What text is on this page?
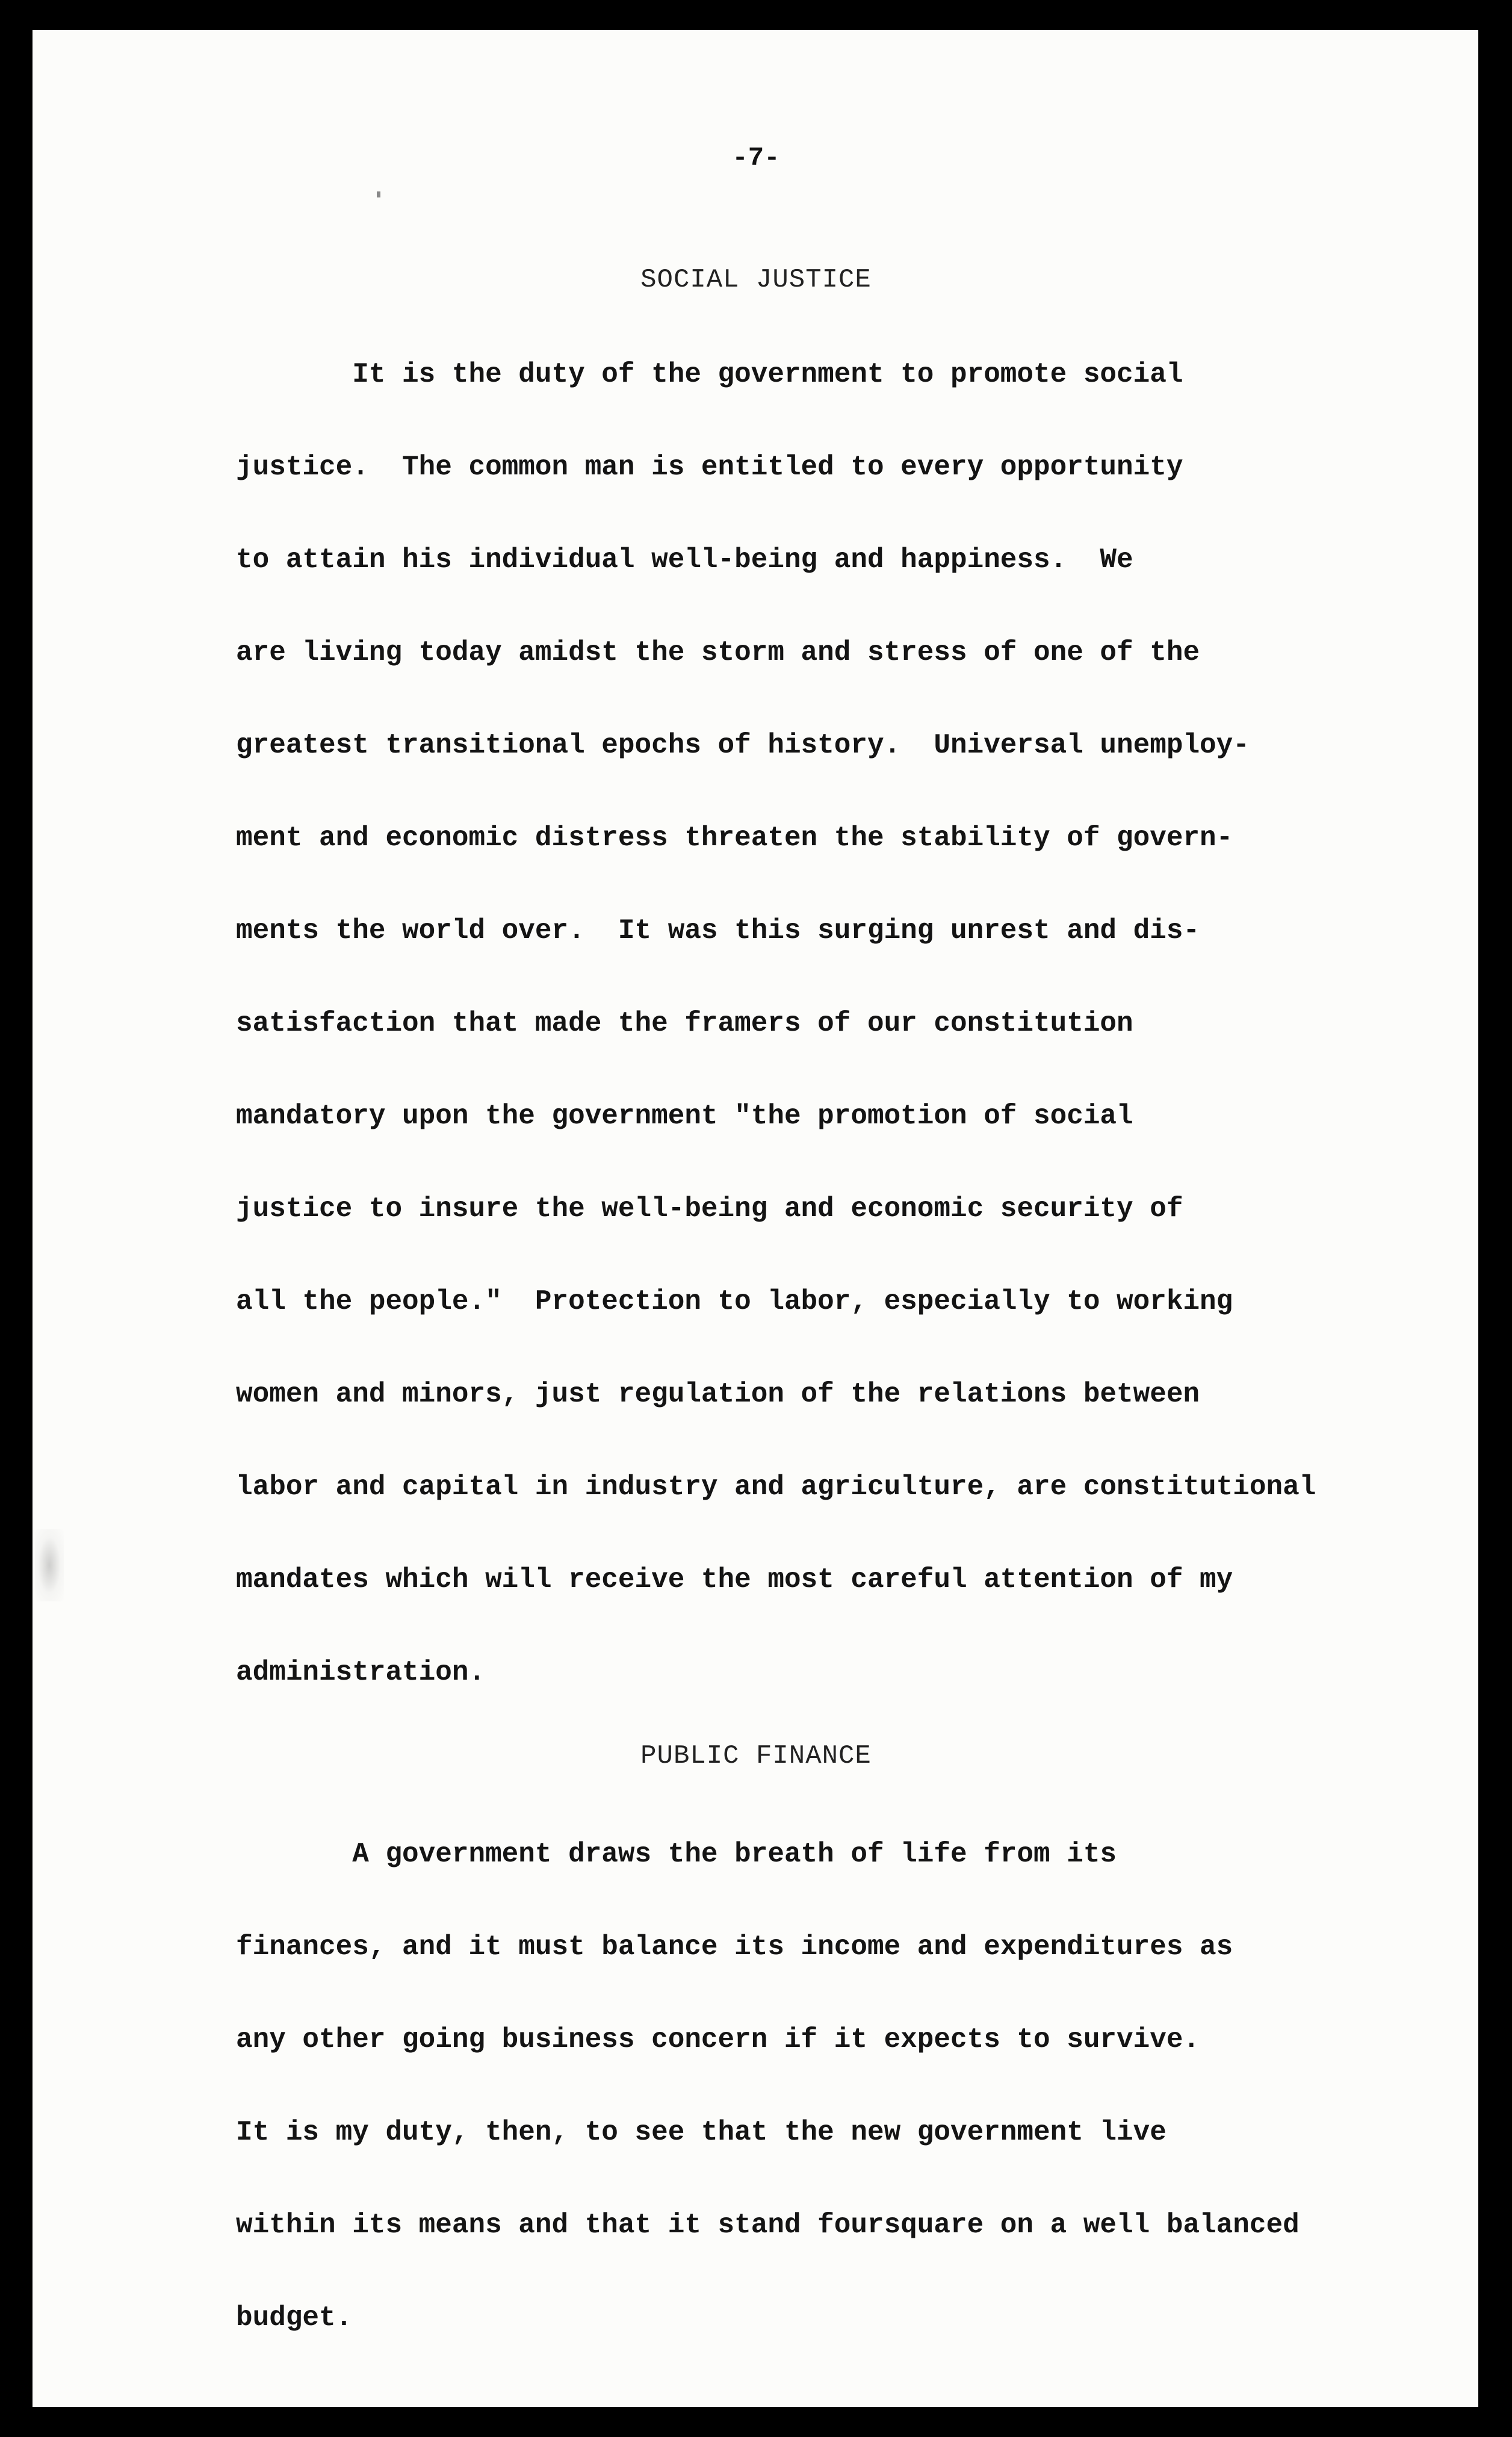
-7-
SOCIAL JUSTICE
It is the duty of the government to promote social
justice.  The common man is entitled to every opportunity
to attain his individual well-being and happiness.  We
are living today amidst the storm and stress of one of the
greatest transitional epochs of history.  Universal unemploy-
ment and economic distress threaten the stability of govern-
ments the world over.  It was this surging unrest and dis-
satisfaction that made the framers of our constitution
mandatory upon the government "the promotion of social
justice to insure the well-being and economic security of
all the people."  Protection to labor, especially to working
women and minors, just regulation of the relations between
labor and capital in industry and agriculture, are constitutional
mandates which will receive the most careful attention of my
administration.
PUBLIC FINANCE
A government draws the breath of life from its
finances, and it must balance its income and expenditures as
any other going business concern if it expects to survive.
It is my duty, then, to see that the new government live
within its means and that it stand foursquare on a well balanced
budget.
